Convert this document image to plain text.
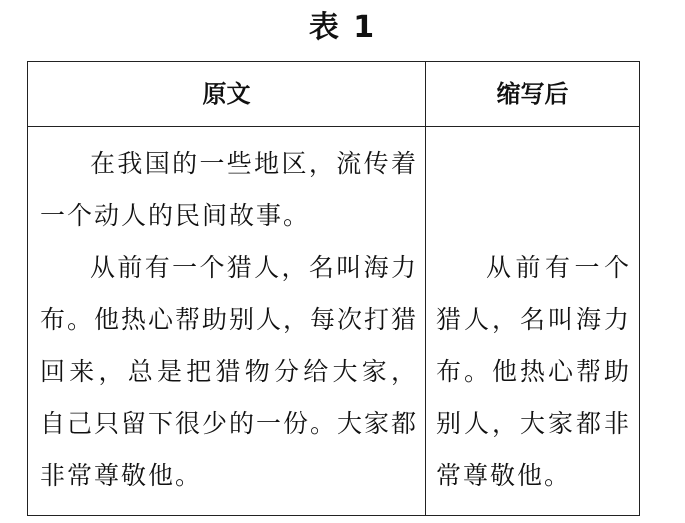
表 1
原文	缩写后

在我国的一些地区，流传着一个动人的民间故事。

从前有一个猎人，名叫海力布。他热心帮助别人，每次打猎回来，总是把猎物分给大家， 自己只留下很少的一份。大家都非常尊敬他。

从前有一个猎人，名叫海力布。他热心帮助别人，大家都非常尊敬他。
